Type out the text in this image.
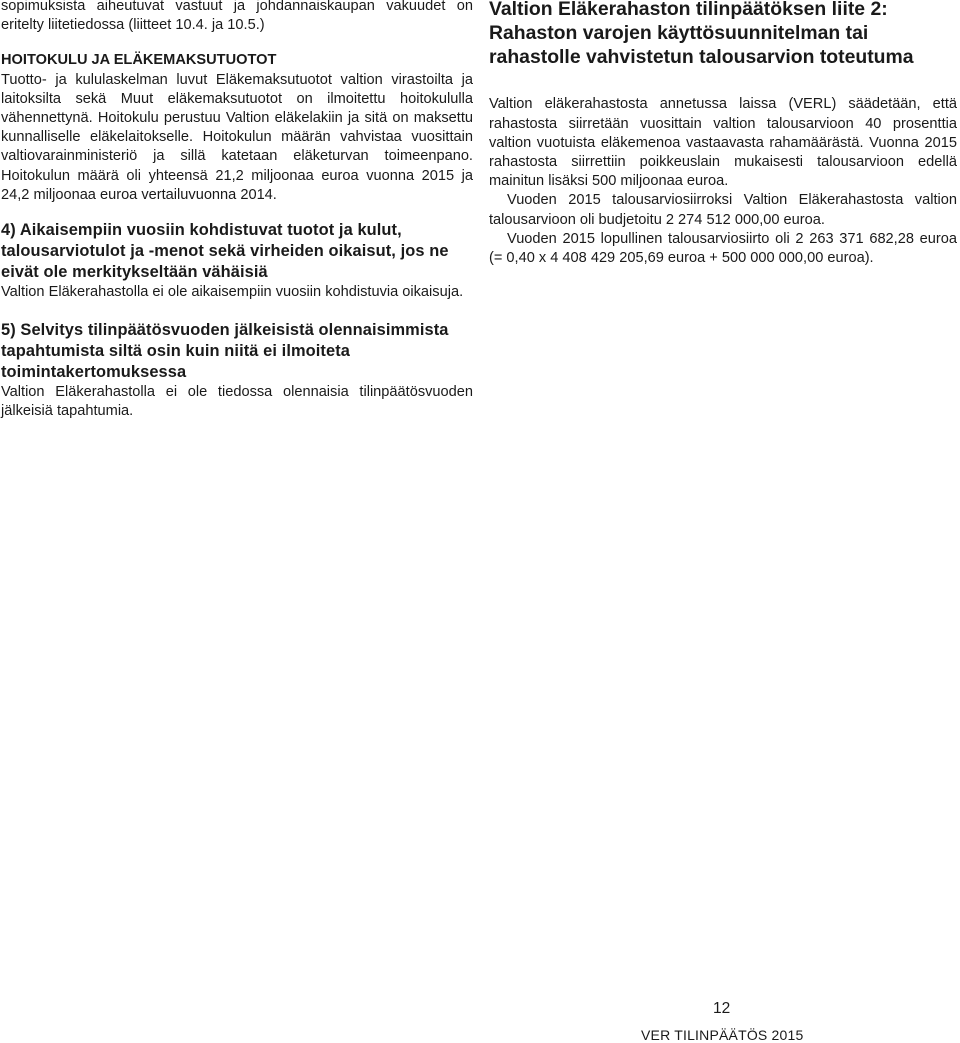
sopimuksista aiheutuvat vastuut ja johdannaiskaupan vakuudet on eritelty liitetiedossa (liitteet 10.4. ja 10.5.)

HOITOKULU JA ELÄKEMAKSUTUOTOT

Tuotto- ja kululaskelman luvut Eläkemaksutuotot valtion virastoilta ja laitoksilta sekä Muut eläkemaksutuotot on ilmoitettu hoitokululla vähennettynä. Hoitokulu perustuu Valtion eläkelakiin ja sitä on maksettu kunnalliselle eläkelaitokselle. Hoitokulun määrän vahvistaa vuosittain valtiovarainministeriö ja sillä katetaan eläketurvan toimeenpano. Hoitokulun määrä oli yhteensä 21,2 miljoonaa euroa vuonna 2015 ja 24,2 miljoonaa euroa vertailuvuonna 2014.

4) Aikaisempiin vuosiin kohdistuvat tuotot ja kulut, talousarviotulot ja -menot sekä virheiden oikaisut, jos ne eivät ole merkitykseltään vähäisiä

Valtion Eläkerahastolla ei ole aikaisempiin vuosiin kohdistuvia oikaisuja.

5) Selvitys tilinpäätösvuoden jälkeisistä olennaisimmista tapahtumista siltä osin kuin niitä ei ilmoiteta toimintakertomuksessa

Valtion Eläkerahastolla ei ole tiedossa olennaisia tilinpäätösvuoden jälkeisiä tapahtumia.

Valtion Eläkerahaston tilinpäätöksen liite 2: Rahaston varojen käyttösuunnitelman tai rahastolle vahvistetun talousarvion toteutuma

Valtion eläkerahastosta annetussa laissa (VERL) säädetään, että rahastosta siirretään vuosittain valtion talousarvioon 40 prosenttia valtion vuotuista eläkemenoa vastaavasta rahamäärästä. Vuonna 2015 rahastosta siirrettiin poikkeuslain mukaisesti talousarvioon edellä mainitun lisäksi 500 miljoonaa euroa.

Vuoden 2015 talousarviosiirroksi Valtion Eläkerahastosta valtion talousarvioon oli budjetoitu 2 274 512 000,00 euroa.

Vuoden 2015 lopullinen talousarviosiirto oli 2 263 371 682,28 euroa (= 0,40 x 4 408 429 205,69 euroa + 500 000 000,00 euroa).

12
VER TILINPÄÄTÖS 2015
